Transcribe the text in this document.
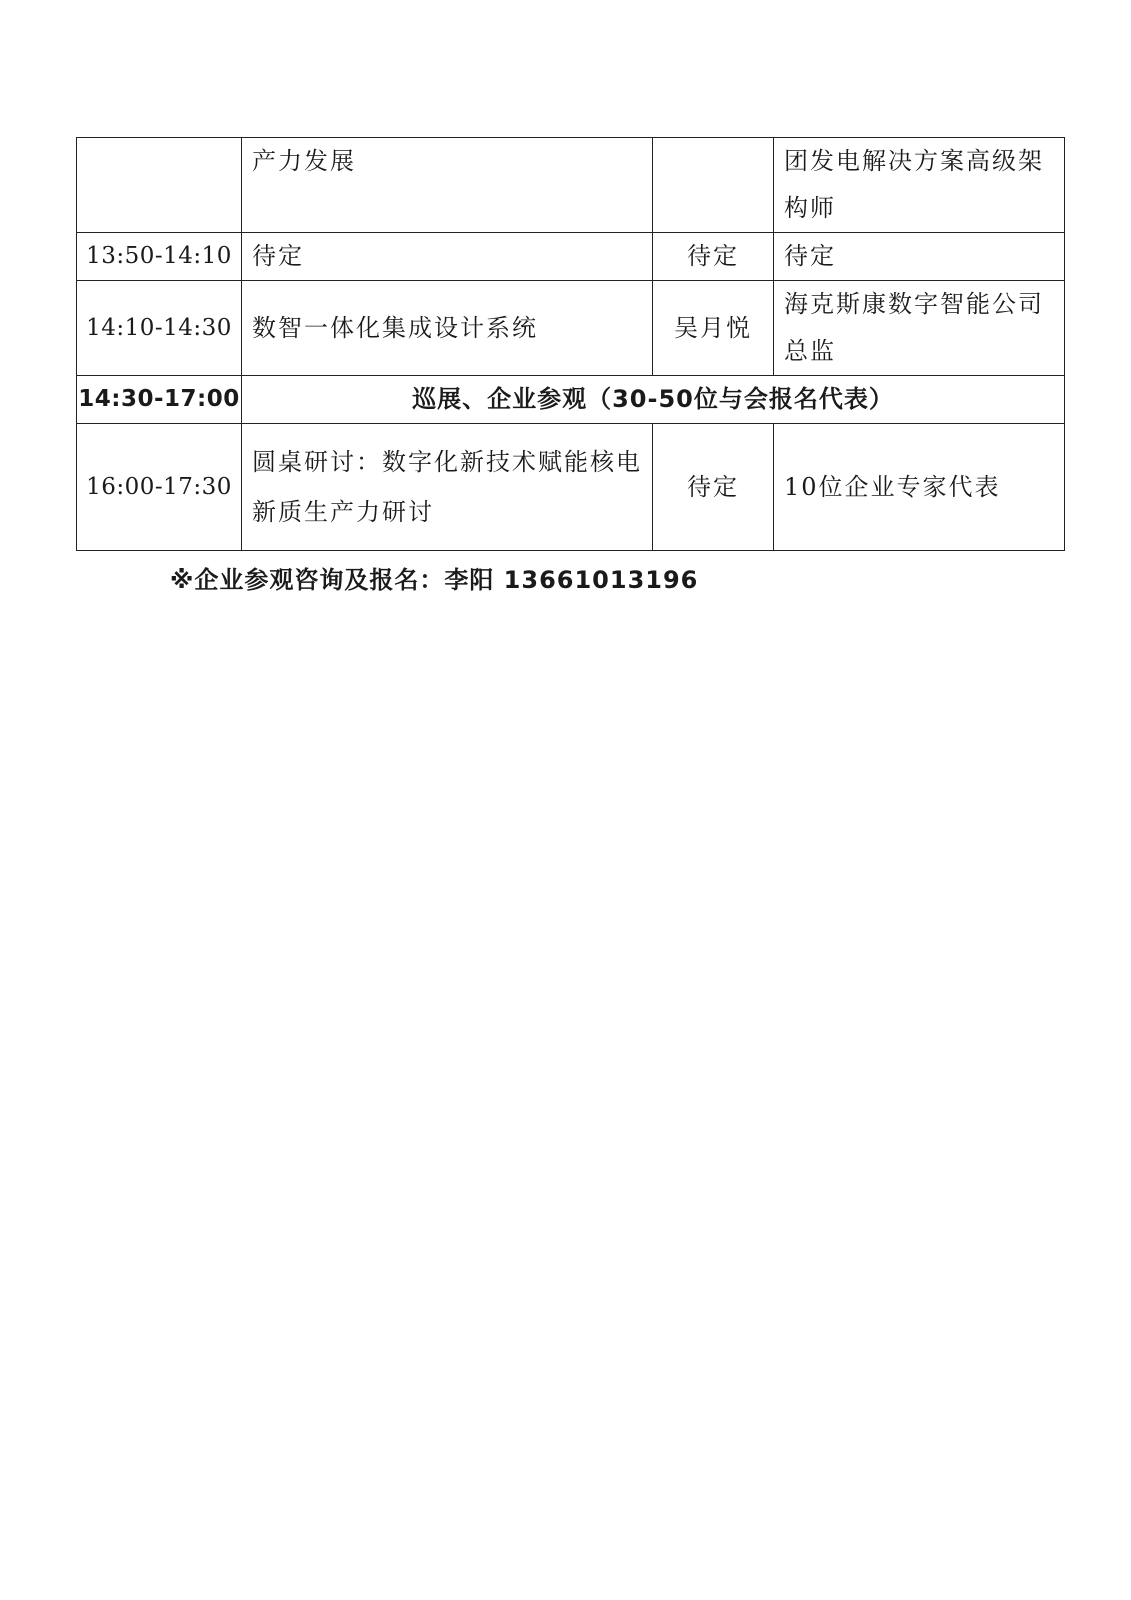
	产力发展		团发电解决方案高级架构师
13:50-14:10	待定	待定	待定
14:10-14:30	数智一体化集成设计系统	吴月悦	海克斯康数字智能公司总监
14:30-17:00	巡展、企业参观（30-50位与会报名代表）		
16:00-17:30	圆桌研讨：数字化新技术赋能核电新质生产力研讨	待定	10位企业专家代表
※企业参观咨询及报名：李阳 13661013196
